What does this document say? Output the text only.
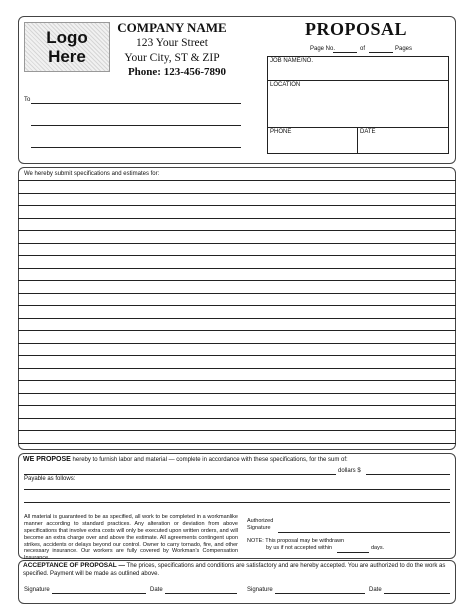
Logo
Here
COMPANY NAME
123 Your Street
Your City, ST & ZIP
Phone: 123-456-7890
PROPOSAL
Page No.	of	Pages
JOB NAME/NO.
LOCATION
PHONE	DATE
To
We hereby submit specifications and estimates for:
WE PROPOSE hereby to furnish labor and material — complete in accordance with these specifications, for the sum of:
dollars $
Payable as follows:
All material is guaranteed to be as specified, all work to be completed in a workmanlike manner according to standard practices. Any alteration or deviation from above specifications that involve extra costs will only be executed upon written orders, and will become an extra charge over and above the estimate. All agreements contingent upon strikes, accidents or delays beyond our control. Owner to carry tornado, fire, and other necessary insurance. Our workers are fully covered by Workman's Compensation Insurance.
Authorized Signature
NOTE: This proposal may be withdrawn
by us if not accepted within	days.
ACCEPTANCE OF PROPOSAL — The prices, specifications and conditions are satisfactory and are hereby accepted. You are authorized to do the work as specified. Payment will be made as outlined above.
Signature	Date	Signature	Date
